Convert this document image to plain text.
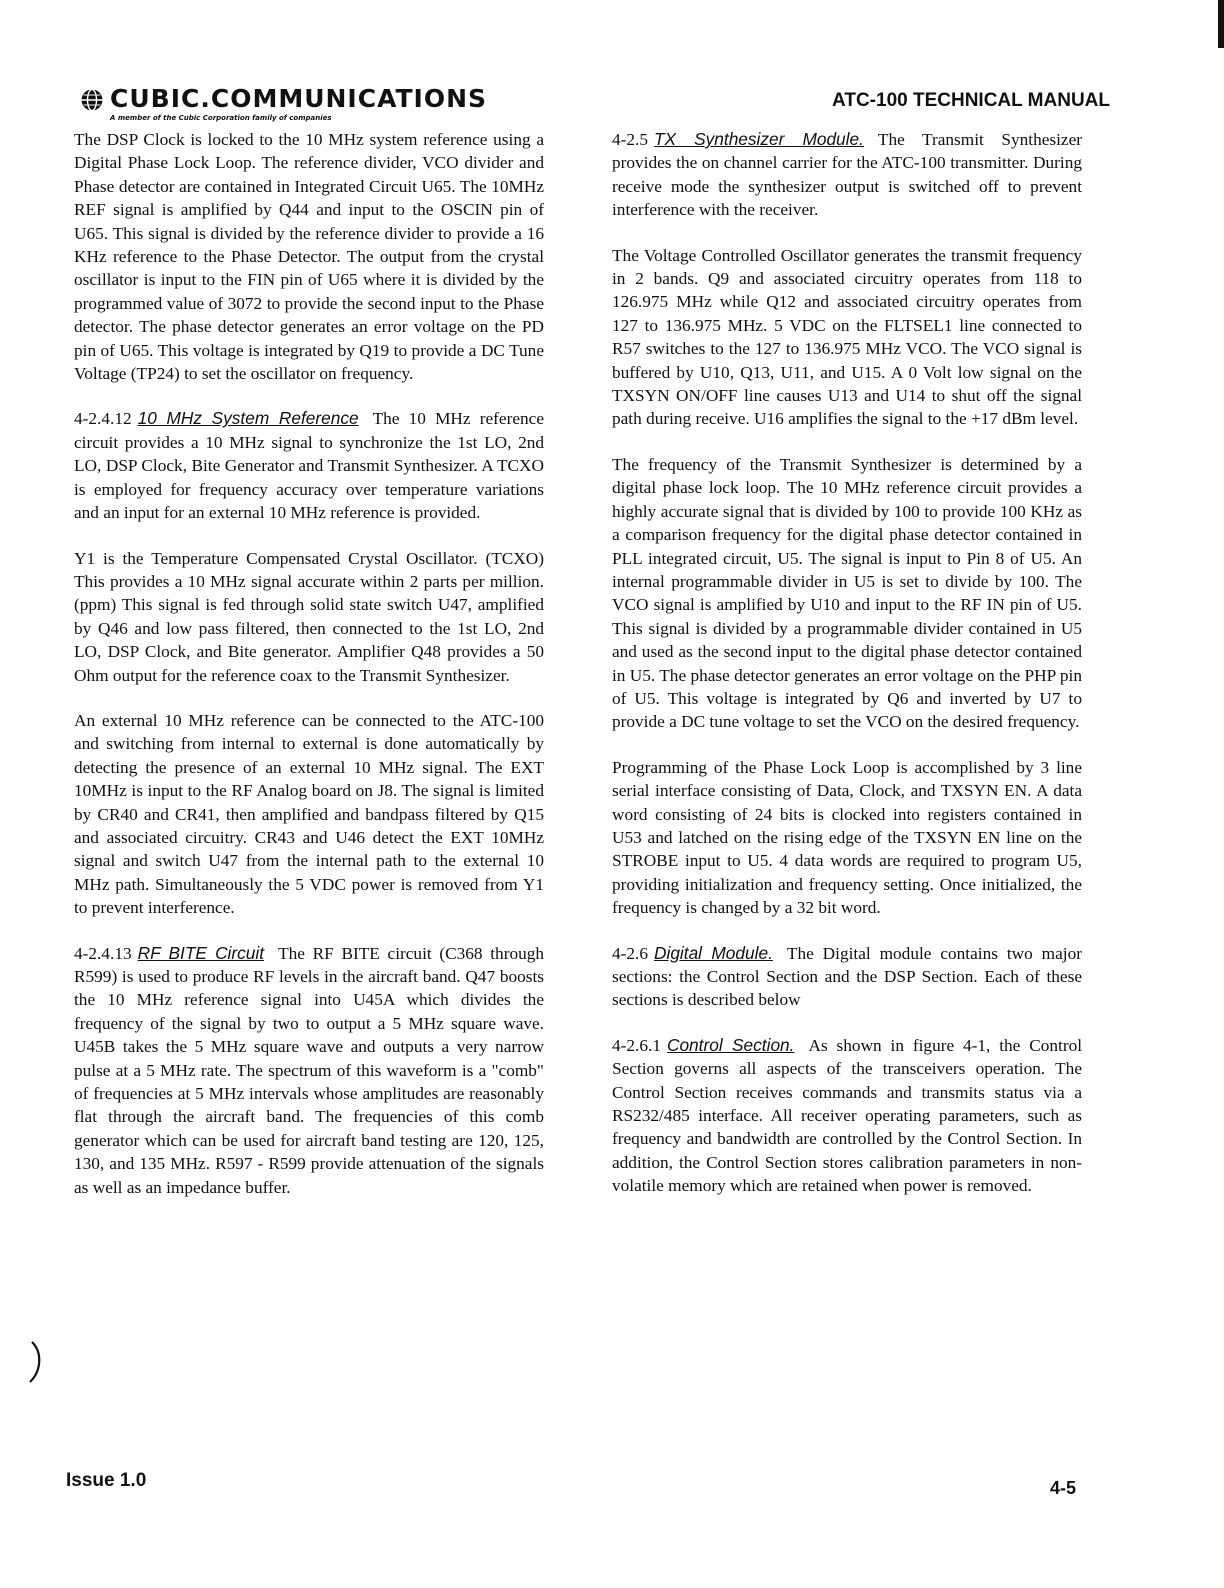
CUBIC.COMMUNICATIONS
A member of the Cubic Corporation family of companies
ATC-100 TECHNICAL MANUAL

The DSP Clock is locked to the 10 MHz system reference using a Digital Phase Lock Loop. The reference divider, VCO divider and Phase detector are contained in Integrated Circuit U65. The 10MHz REF signal is amplified by Q44 and input to the OSCIN pin of U65. This signal is divided by the reference divider to provide a 16 KHz reference to the Phase Detector. The output from the crystal oscillator is input to the FIN pin of U65 where it is divided by the programmed value of 3072 to provide the second input to the Phase detector. The phase detector generates an error voltage on the PD pin of U65. This voltage is integrated by Q19 to provide a DC Tune Voltage (TP24) to set the oscillator on frequency.

4-2.4.12 10 MHz System Reference The 10 MHz reference circuit provides a 10 MHz signal to synchronize the 1st LO, 2nd LO, DSP Clock, Bite Generator and Transmit Synthesizer. A TCXO is employed for frequency accuracy over temperature variations and an input for an external 10 MHz reference is provided.

Y1 is the Temperature Compensated Crystal Oscillator. (TCXO) This provides a 10 MHz signal accurate within 2 parts per million. (ppm) This signal is fed through solid state switch U47, amplified by Q46 and low pass filtered, then connected to the 1st LO, 2nd LO, DSP Clock, and Bite generator. Amplifier Q48 provides a 50 Ohm output for the reference coax to the Transmit Synthesizer.

An external 10 MHz reference can be connected to the ATC-100 and switching from internal to external is done automatically by detecting the presence of an external 10 MHz signal. The EXT 10MHz is input to the RF Analog board on J8. The signal is limited by CR40 and CR41, then amplified and bandpass filtered by Q15 and associated circuitry. CR43 and U46 detect the EXT 10MHz signal and switch U47 from the internal path to the external 10 MHz path. Simultaneously the 5 VDC power is removed from Y1 to prevent interference.

4-2.4.13 RF BITE Circuit The RF BITE circuit (C368 through R599) is used to produce RF levels in the aircraft band. Q47 boosts the 10 MHz reference signal into U45A which divides the frequency of the signal by two to output a 5 MHz square wave. U45B takes the 5 MHz square wave and outputs a very narrow pulse at a 5 MHz rate. The spectrum of this waveform is a "comb" of frequencies at 5 MHz intervals whose amplitudes are reasonably flat through the aircraft band. The frequencies of this comb generator which can be used for aircraft band testing are 120, 125, 130, and 135 MHz. R597 - R599 provide attenuation of the signals as well as an impedance buffer.

4-2.5 TX Synthesizer Module. The Transmit Synthesizer provides the on channel carrier for the ATC-100 transmitter. During receive mode the synthesizer output is switched off to prevent interference with the receiver.

The Voltage Controlled Oscillator generates the transmit frequency in 2 bands. Q9 and associated circuitry operates from 118 to 126.975 MHz while Q12 and associated circuitry operates from 127 to 136.975 MHz. 5 VDC on the FLTSEL1 line connected to R57 switches to the 127 to 136.975 MHz VCO. The VCO signal is buffered by U10, Q13, U11, and U15. A 0 Volt low signal on the TXSYN ON/OFF line causes U13 and U14 to shut off the signal path during receive. U16 amplifies the signal to the +17 dBm level.

The frequency of the Transmit Synthesizer is determined by a digital phase lock loop. The 10 MHz reference circuit provides a highly accurate signal that is divided by 100 to provide 100 KHz as a comparison frequency for the digital phase detector contained in PLL integrated circuit, U5. The signal is input to Pin 8 of U5. An internal programmable divider in U5 is set to divide by 100. The VCO signal is amplified by U10 and input to the RF IN pin of U5. This signal is divided by a programmable divider contained in U5 and used as the second input to the digital phase detector contained in U5. The phase detector generates an error voltage on the PHP pin of U5. This voltage is integrated by Q6 and inverted by U7 to provide a DC tune voltage to set the VCO on the desired frequency.

Programming of the Phase Lock Loop is accomplished by 3 line serial interface consisting of Data, Clock, and TXSYN EN. A data word consisting of 24 bits is clocked into registers contained in U53 and latched on the rising edge of the TXSYN EN line on the STROBE input to U5. 4 data words are required to program U5, providing initialization and frequency setting. Once initialized, the frequency is changed by a 32 bit word.

4-2.6 Digital Module. The Digital module contains two major sections: the Control Section and the DSP Section. Each of these sections is described below

4-2.6.1 Control Section. As shown in figure 4-1, the Control Section governs all aspects of the transceivers operation. The Control Section receives commands and transmits status via a RS232/485 interface. All receiver operating parameters, such as frequency and bandwidth are controlled by the Control Section. In addition, the Control Section stores calibration parameters in non-volatile memory which are retained when power is removed.

Issue 1.0	4-5
